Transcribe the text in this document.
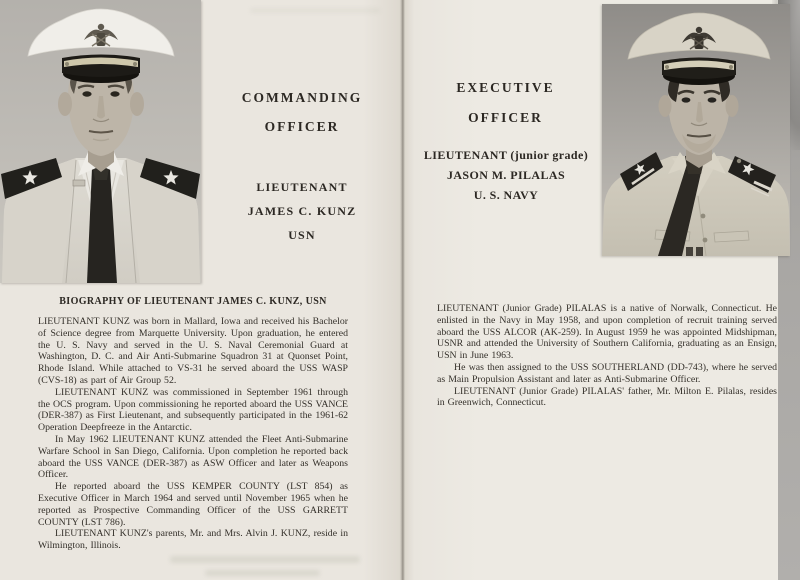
COMMANDING
OFFICER
LIEUTENANT
JAMES C. KUNZ
USN
EXECUTIVE
OFFICER
LIEUTENANT (junior grade)
JASON M. PILALAS
U. S. NAVY
BIOGRAPHY OF LIEUTENANT JAMES C. KUNZ, USN

LIEUTENANT KUNZ was born in Mallard, Iowa and received his Bachelor of Science degree from Marquette University. Upon graduation, he entered the U. S. Navy and served in the U. S. Naval Ceremonial Guard at Washington, D. C. and Air Anti-Submarine Squadron 31 at Quonset Point, Rhode Island. While attached to VS-31 he served aboard the USS WASP (CVS-18) as part of Air Group 52.

LIEUTENANT KUNZ was commissioned in September 1961 through the OCS program. Upon commissioning he reported aboard the USS VANCE (DER-387) as First Lieutenant, and subsequently participated in the 1961-62 Operation Deepfreeze in the Antarctic.

In May 1962 LIEUTENANT KUNZ attended the Fleet Anti-Submarine Warfare School in San Diego, California. Upon completion he reported back aboard the USS VANCE (DER-387) as ASW Officer and later as Weapons Officer.

He reported aboard the USS KEMPER COUNTY (LST 854) as Executive Officer in March 1964 and served until November 1965 when he reported as Prospective Commanding Officer of the USS GARRETT COUNTY (LST 786).

LIEUTENANT KUNZ's parents, Mr. and Mrs. Alvin J. KUNZ, reside in Wilmington, Illinois.

LIEUTENANT (Junior Grade) PILALAS is a native of Norwalk, Connecticut. He enlisted in the Navy in May 1958, and upon completion of recruit training served aboard the USS ALCOR (AK-259). In August 1959 he was appointed Midshipman, USNR and attended the University of Southern California, graduating as an Ensign, USN in June 1963.

He was then assigned to the USS SOUTHERLAND (DD-743), where he served as Main Propulsion Assistant and later as Anti-Submarine Officer.

LIEUTENANT (Junior Grade) PILALAS' father, Mr. Milton E. Pilalas, resides in Greenwich, Connecticut.
